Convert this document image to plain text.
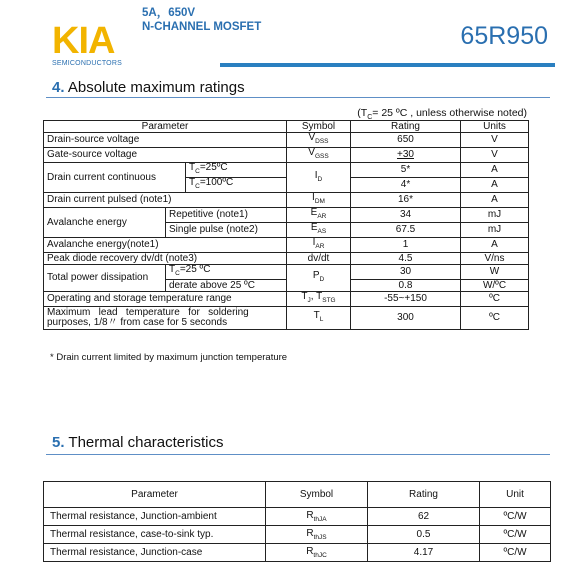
KIA
SEMICONDUCTORS
5A，650V
N-CHANNEL MOSFET	65R950
4. Absolute maximum ratings
($T_C= 25$ ºC , unless otherwise noted)
Parameter			Symbol	Rating	Units
Drain-source voltage			$V_{DSS}$	650	V
Gate-source voltage			$V_{GSS}$	+30	V
Drain current continuous		$T_C=25ºC$	$I_D$	5*	A
		$T_C=100ºC$		4*	A
Drain current pulsed (note1)			$I_{DM}$	16*	A
Avalanche energy	Repetitive (note1)		$E_{AR}$	34	mJ
	Single pulse (note2)		$E_{AS}$	67.5	mJ
Avalanche energy(note1)			$I_{AR}$	1	A
Peak diode recovery dv/dt (note3)			dv/dt	4.5	V/ns
Total power dissipation	$T_C=25$ ºC		$P_D$	30	W
	derate above 25 ºC			0.8	W/ºC
Operating and storage temperature range			$T_J$, $T_{STG}$	-55~+150	ºC

Maximum   lead   temperature   for   soldering
purposes, 1/8〃 from case for 5 seconds			$T_L$	300	ºC
* Drain current limited by maximum junction temperature
5. Thermal characteristics
Parameter	Symbol	Rating	Unit
Thermal resistance, Junction-ambient	$R_{thJA}$	62	ºC/W
Thermal resistance, case-to-sink typ.	$R_{thJS}$	0.5	ºC/W
Thermal resistance, Junction-case	$R_{thJC}$	4.17	ºC/W
